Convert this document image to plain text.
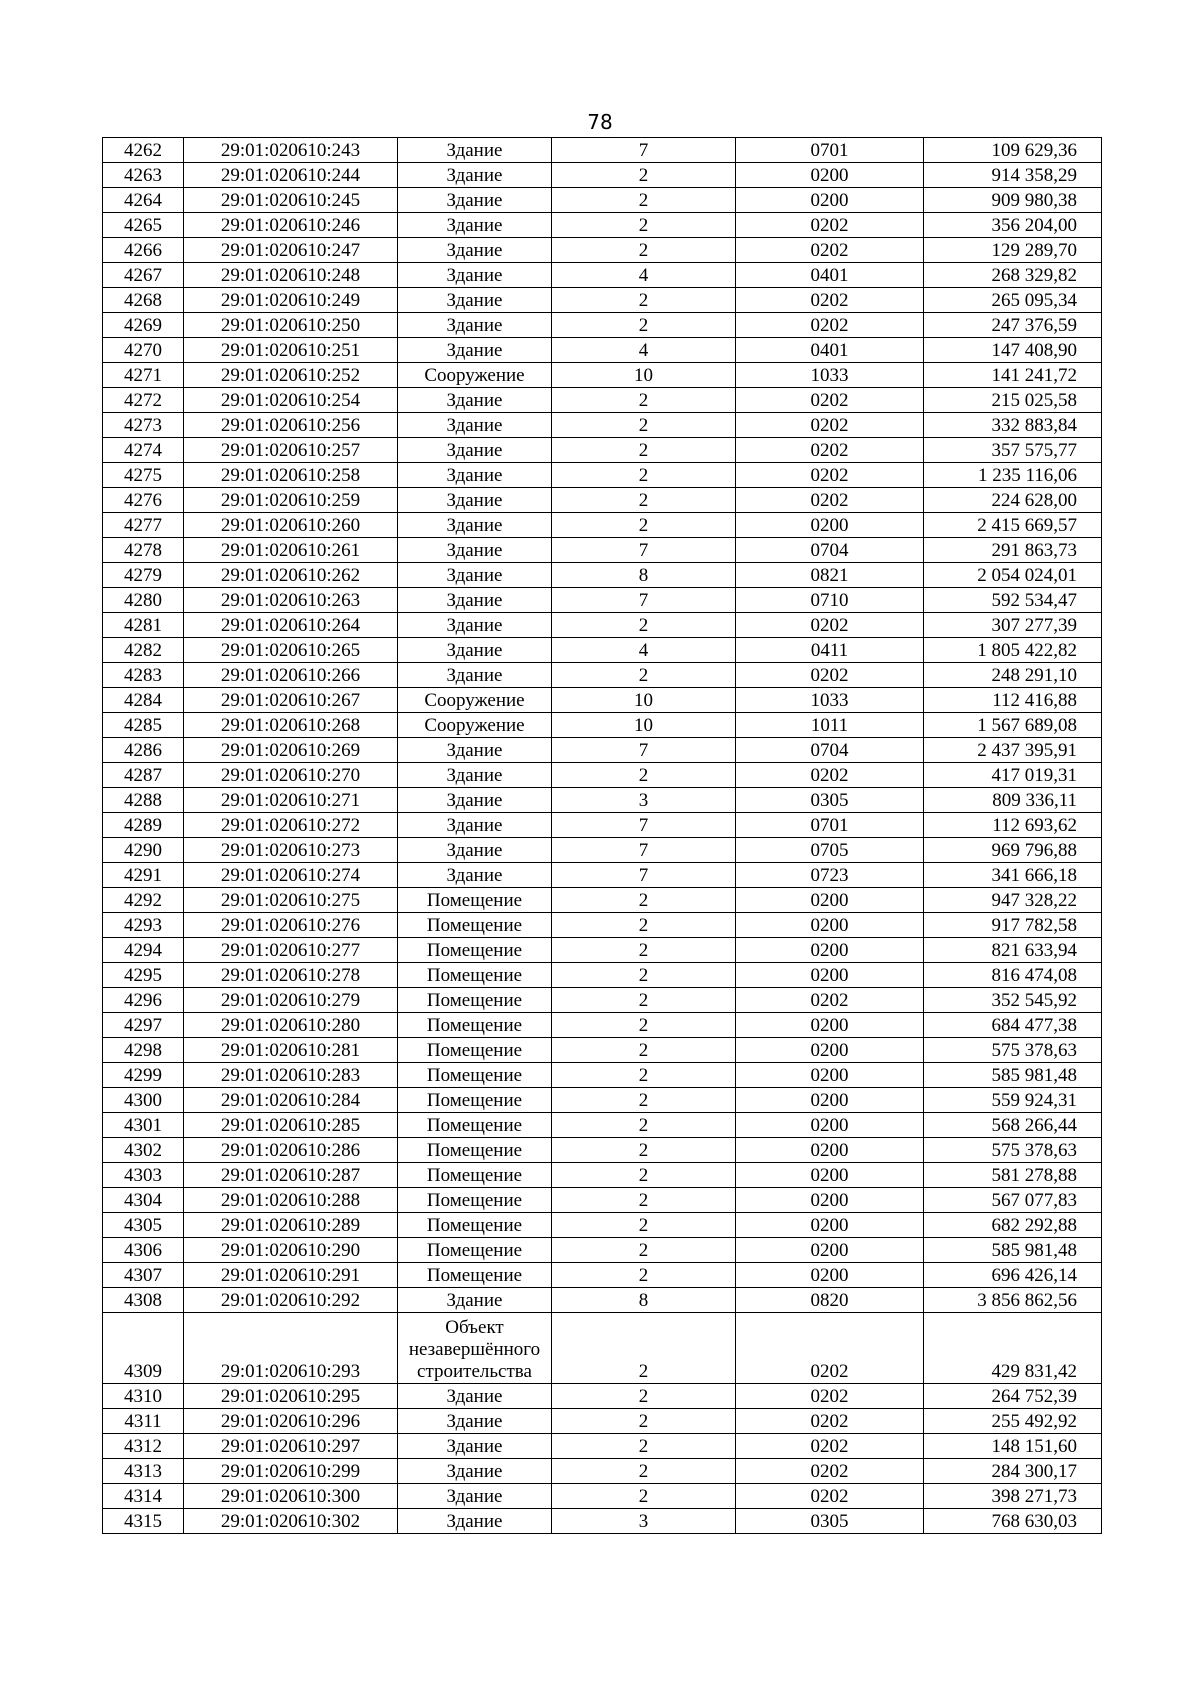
78
4262	29:01:020610:243	Здание	7	0701	109 629,36
4263	29:01:020610:244	Здание	2	0200	914 358,29
4264	29:01:020610:245	Здание	2	0200	909 980,38
4265	29:01:020610:246	Здание	2	0202	356 204,00
4266	29:01:020610:247	Здание	2	0202	129 289,70
4267	29:01:020610:248	Здание	4	0401	268 329,82
4268	29:01:020610:249	Здание	2	0202	265 095,34
4269	29:01:020610:250	Здание	2	0202	247 376,59
4270	29:01:020610:251	Здание	4	0401	147 408,90
4271	29:01:020610:252	Сооружение	10	1033	141 241,72
4272	29:01:020610:254	Здание	2	0202	215 025,58
4273	29:01:020610:256	Здание	2	0202	332 883,84
4274	29:01:020610:257	Здание	2	0202	357 575,77
4275	29:01:020610:258	Здание	2	0202	1 235 116,06
4276	29:01:020610:259	Здание	2	0202	224 628,00
4277	29:01:020610:260	Здание	2	0200	2 415 669,57
4278	29:01:020610:261	Здание	7	0704	291 863,73
4279	29:01:020610:262	Здание	8	0821	2 054 024,01
4280	29:01:020610:263	Здание	7	0710	592 534,47
4281	29:01:020610:264	Здание	2	0202	307 277,39
4282	29:01:020610:265	Здание	4	0411	1 805 422,82
4283	29:01:020610:266	Здание	2	0202	248 291,10
4284	29:01:020610:267	Сооружение	10	1033	112 416,88
4285	29:01:020610:268	Сооружение	10	1011	1 567 689,08
4286	29:01:020610:269	Здание	7	0704	2 437 395,91
4287	29:01:020610:270	Здание	2	0202	417 019,31
4288	29:01:020610:271	Здание	3	0305	809 336,11
4289	29:01:020610:272	Здание	7	0701	112 693,62
4290	29:01:020610:273	Здание	7	0705	969 796,88
4291	29:01:020610:274	Здание	7	0723	341 666,18
4292	29:01:020610:275	Помещение	2	0200	947 328,22
4293	29:01:020610:276	Помещение	2	0200	917 782,58
4294	29:01:020610:277	Помещение	2	0200	821 633,94
4295	29:01:020610:278	Помещение	2	0200	816 474,08
4296	29:01:020610:279	Помещение	2	0202	352 545,92
4297	29:01:020610:280	Помещение	2	0200	684 477,38
4298	29:01:020610:281	Помещение	2	0200	575 378,63
4299	29:01:020610:283	Помещение	2	0200	585 981,48
4300	29:01:020610:284	Помещение	2	0200	559 924,31
4301	29:01:020610:285	Помещение	2	0200	568 266,44
4302	29:01:020610:286	Помещение	2	0200	575 378,63
4303	29:01:020610:287	Помещение	2	0200	581 278,88
4304	29:01:020610:288	Помещение	2	0200	567 077,83
4305	29:01:020610:289	Помещение	2	0200	682 292,88
4306	29:01:020610:290	Помещение	2	0200	585 981,48
4307	29:01:020610:291	Помещение	2	0200	696 426,14
4308	29:01:020610:292	Здание	8	0820	3 856 862,56
4309	29:01:020610:293	Объект незавершённого строительства	2	0202	429 831,42
4310	29:01:020610:295	Здание	2	0202	264 752,39
4311	29:01:020610:296	Здание	2	0202	255 492,92
4312	29:01:020610:297	Здание	2	0202	148 151,60
4313	29:01:020610:299	Здание	2	0202	284 300,17
4314	29:01:020610:300	Здание	2	0202	398 271,73
4315	29:01:020610:302	Здание	3	0305	768 630,03
